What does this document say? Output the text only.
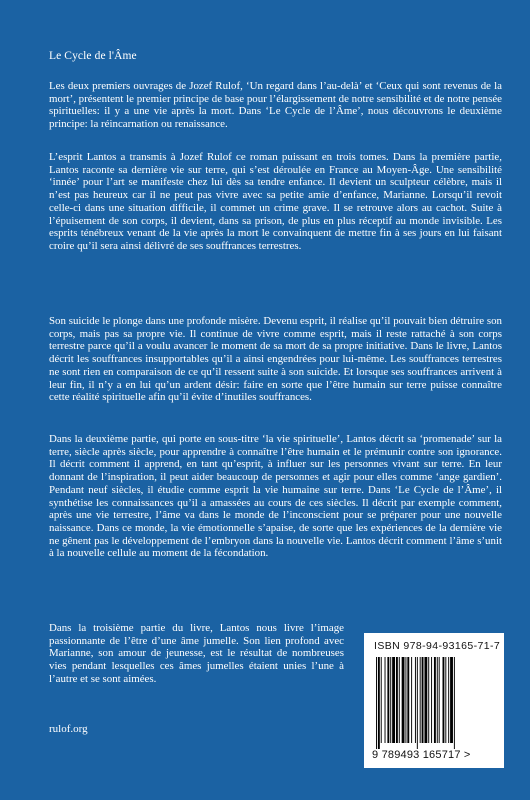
Le Cycle de l'Âme

Les deux premiers ouvrages de Jozef Rulof, ‘Un regard dans l’au-delà’ et ‘Ceux qui sont revenus de la mort’, présentent le premier principe de base pour l’élargissement de notre sensibilité et de notre pensée spirituelles: il y a une vie après la mort. Dans ‘Le Cycle de l’Âme’, nous découvrons le deuxième principe: la réincarnation ou renaissance.

L’esprit Lantos a transmis à Jozef Rulof ce roman puissant en trois tomes. Dans la première partie, Lantos raconte sa dernière vie sur terre, qui s’est déroulée en France au Moyen-Âge. Une sensibilité ‘innée’ pour l’art se manifeste chez lui dès sa tendre enfance. Il devient un sculpteur célèbre, mais il n’est pas heureux car il ne peut pas vivre avec sa petite amie d’enfance, Marianne. Lorsqu’il revoit celle-ci dans une situation difficile, il commet un crime grave. Il se retrouve alors au cachot. Suite à l’épuisement de son corps, il devient, dans sa prison, de plus en plus réceptif au monde invisible. Les esprits ténébreux venant de la vie après la mort le convainquent de mettre fin à ses jours en lui faisant croire qu’il sera ainsi délivré de ses souffrances terrestres.

Son suicide le plonge dans une profonde misère. Devenu esprit, il réalise qu’il pouvait bien détruire son corps, mais pas sa propre vie. Il continue de vivre comme esprit, mais il reste rattaché à son corps terrestre parce qu’il a voulu avancer le moment de sa mort de sa propre initiative. Dans le livre, Lantos décrit les souffrances insupportables qu’il a ainsi engendrées pour lui-même. Les souffrances terrestres ne sont rien en comparaison de ce qu’il ressent suite à son suicide. Et lorsque ses souffrances arrivent à leur fin, il n’y a en lui qu’un ardent désir: faire en sorte que l’être humain sur terre puisse connaître cette réalité spirituelle afin qu’il évite d’inutiles souffrances.

Dans la deuxième partie, qui porte en sous-titre ‘la vie spirituelle’, Lantos décrit sa ‘promenade’ sur la terre, siècle après siècle, pour apprendre à connaître l’être humain et le prémunir contre son ignorance. Il décrit comment il apprend, en tant qu’esprit, à influer sur les personnes vivant sur terre. En leur donnant de l’inspiration, il peut aider beaucoup de personnes et agir pour elles comme ‘ange gardien’. Pendant neuf siècles, il étudie comme esprit la vie humaine sur terre. Dans ‘Le Cycle de l’Âme’, il synthétise les connaissances qu’il a amassées au cours de ces siècles. Il décrit par exemple comment, après une vie terrestre, l’âme va dans le monde de l’inconscient pour se préparer pour une nouvelle naissance. Dans ce monde, la vie émotionnelle s’apaise, de sorte que les expériences de la dernière vie ne gênent pas le développement de l’embryon dans la nouvelle vie. Lantos décrit comment l’âme s’unit à la nouvelle cellule au moment de la fécondation.

Dans la troisième partie du livre, Lantos nous livre l’image passionnante de l’être d’une âme jumelle. Son lien profond avec Marianne, son amour de jeunesse, est le résultat de nombreuses vies pendant lesquelles ces âmes jumelles étaient unies l’une à l’autre et se sont aimées.

rulof.org
ISBN 978-94-93165-71-7
9 789493 165717 >
